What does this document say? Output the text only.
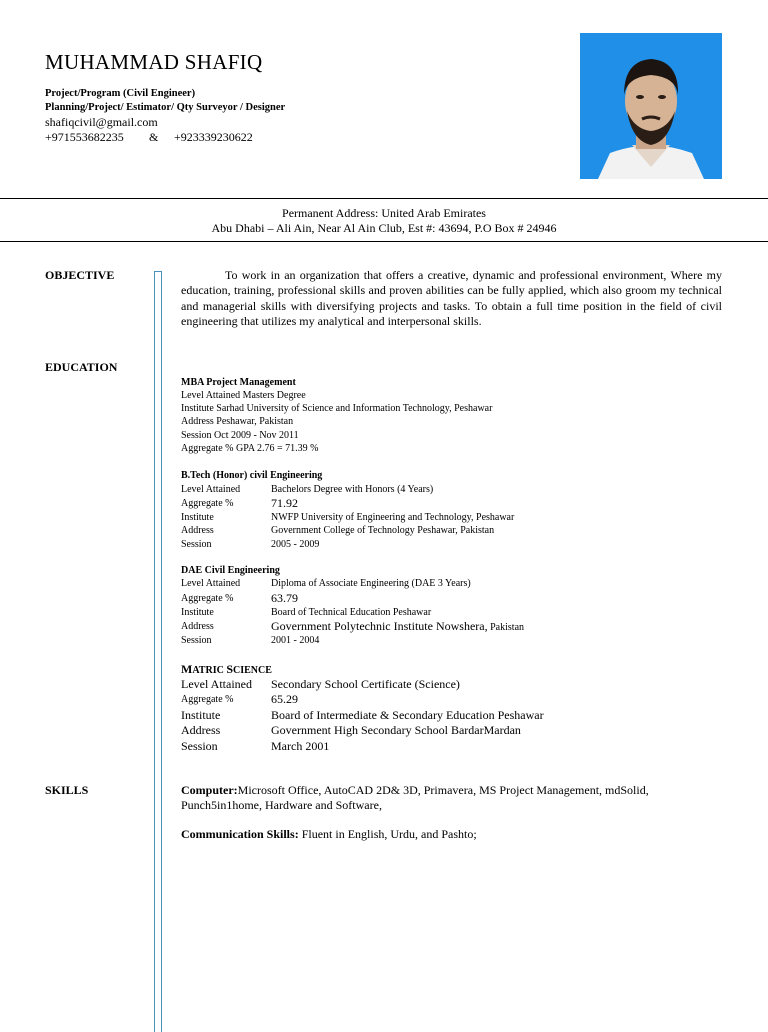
MUHAMMAD SHAFIQ
Project/Program (Civil Engineer)
Planning/Project/ Estimator/ Qty Surveyor / Designer
shafiqcivil@gmail.com
+971553682235 & +923339230622
Permanent Address: United Arab Emirates
Abu Dhabi – Ali Ain, Near Al Ain Club, Est #: 43694, P.O Box # 24946
OBJECTIVE
EDUCATION
SKILLS
To work in an organization that offers a creative, dynamic and professional environment, Where my education, training, professional skills and proven abilities can be fully applied, which also groom my technical and managerial skills with diversifying projects and tasks. To obtain a full time position in the field of civil engineering that utilizes my analytical and interpersonal skills.
MBA Project Management
Level Attained Masters Degree
Institute Sarhad University of Science and Information Technology, Peshawar
Address Peshawar, Pakistan
Session Oct 2009 - Nov 2011
Aggregate % GPA 2.76 = 71.39 %
B.Tech (Honor) civil Engineering
Level Attained	Bachelors Degree with Honors (4 Years)
Aggregate %	71.92
Institute	NWFP University of Engineering and Technology, Peshawar
Address	Government College of Technology Peshawar, Pakistan
Session	2005 - 2009
DAE Civil Engineering
Level Attained	Diploma of Associate Engineering (DAE 3 Years)
Aggregate %	63.79
Institute	Board of Technical Education Peshawar
Address	Government Polytechnic Institute Nowshera, Pakistan
Session	2001 - 2004
MATRIC SCIENCE
Level Attained Secondary School Certificate (Science)
Aggregate %	65.29
Institute	Board of Intermediate & Secondary Education Peshawar
Address	Government High Secondary School BardarMardan
Session	March 2001
Computer:Microsoft Office, AutoCAD 2D& 3D, Primavera, MS Project Management, mdSolid, Punch5in1home, Hardware and Software,
Communication Skills: Fluent in English, Urdu, and Pashto;
